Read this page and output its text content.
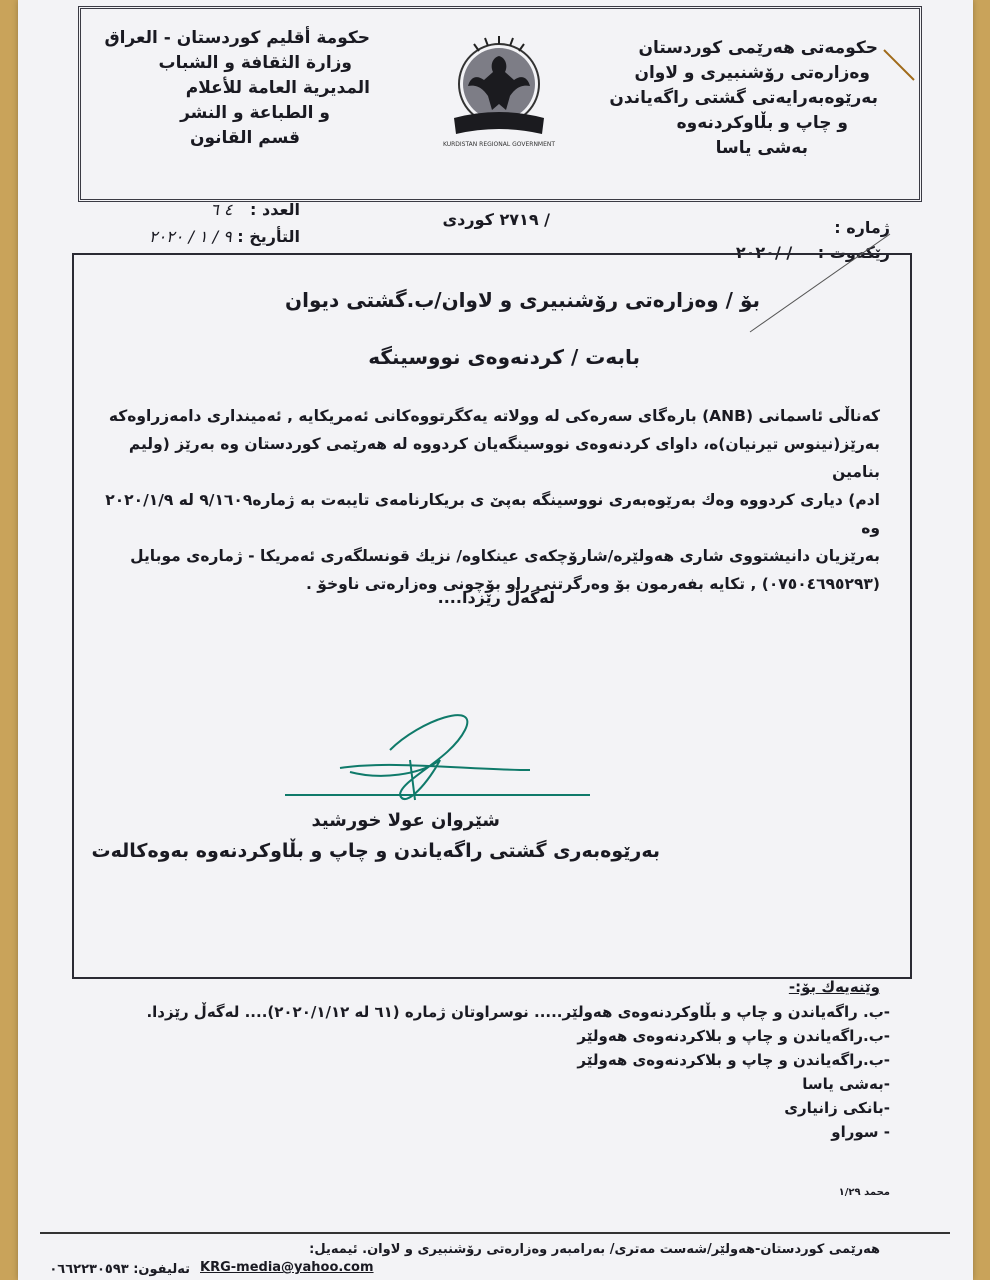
حكومة أقليم كوردستان - العراق
وزارة الثقافة و الشباب
المديرية العامة للأعلام
و الطباعة و النشر
قسم القانون	KURDISTAN REGIONAL GOVERNMENT
حکومەتی هەرێمی کوردستان
وەزارەتی رۆشنبیری و لاوان
بەرێوەبەرایەتی گشتی راگەیاندن
و چاپ و بڵاوکردنەوە
بەشی یاسا
العدد : ٤ ٦
التأريخ : ٩ / ١ / ٢٠٢٠
/ ٢٧١٩ کوردی	ژمارە :
رێکەوت : / /٢٠٢٠
بۆ / وەزارەتی رۆشنبیری و لاوان/ب.گشتی دیوان
بابەت / کردنەوەی نووسینگە
کەناڵی ئاسمانی (ANB) بارەگای سەرەکی لە وولاتە یەکگرتووەکانی ئەمریکایە , ئەمینداری دامەزراوەکە
بەرێز(نینوس تیرنیان)ە، داوای کردنەوەی نووسینگەیان کردووە لە هەرێمی کوردستان وە بەرێز (ولیم بنامین
ادم) دیاری کردووە وەك بەرێوەبەری نووسینگە بەپێ ی بریکارنامەی تایبەت بە ژمارە٩/١٦٠٩ لە ٢٠٢٠/١/٩ وە
بەرێزیان دانیشتووی شاری هەولێرە/شارۆچکەی عینکاوە/ نزیك قونسلگەری ئەمریکا - ژمارەی موبایل
(٠٧٥٠٤٦٩٥٢٩٣) , تکایە بفەرمون بۆ وەرگرتنی راو بۆچونی وەزارەتی ناوخۆ .
لەگەڵ رێزدا....
شێروان عولا خورشید
بەرێوەبەری گشتی راگەیاندن و چاپ و بڵاوکردنەوە بەوەکالەت
وێنەیەك بۆ:-
-ب. راگەیاندن و چاپ و بڵاوکردنەوەی هەولێر..... نوسراوتان ژمارە (٦١ لە ٢٠٢٠/١/١٢).... لەگەڵ رێزدا.
-ب.راگەیاندن و چاپ و بلاکردنەوەی هەولێر
-ب.راگەیاندن و چاپ و بلاکردنەوەی هەولێر
-بەشی یاسا
-بانکی زانیاری
- سوراو
محمد ١/٢٩
هەرێمی کوردستان-هەولێر/شەست مەتری/ بەرامبەر وەزارەتی رۆشنبیری و لاوان. ئیمەیل:
KRG-media@yahoo.com
تەلیفون: ٠٦٦٢٢٣٠٥٩٣
